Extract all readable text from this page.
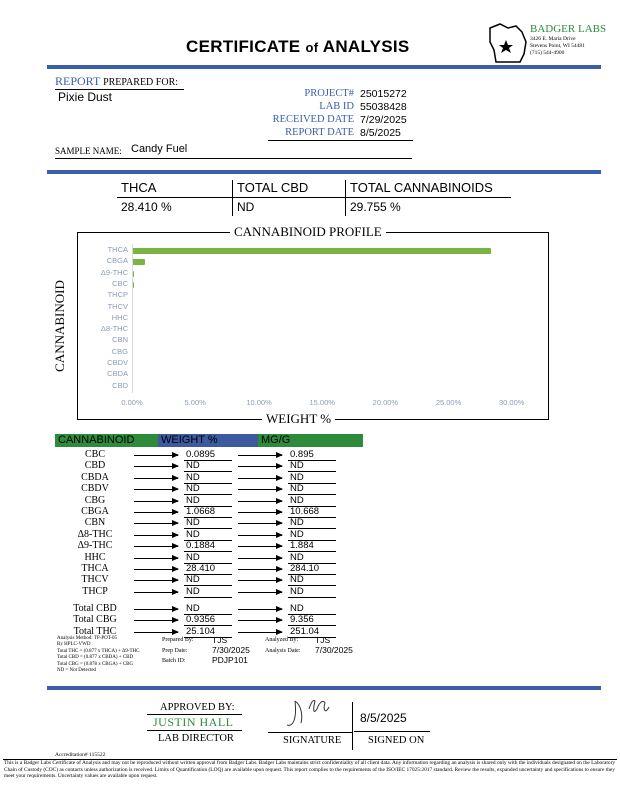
CERTIFICATE of ANALYSIS
BADGER LABS
3426 E. Maria Drive
Stevens Point, WI 54481
(715) 544-4900
REPORT PREPARED FOR:
Pixie Dust	PROJECT# 25015272
LAB ID 55038428
RECEIVED DATE 7/29/2025
REPORT DATE 8/5/2025
SAMPLE NAME: Candy Fuel
THCA	TOTAL CBD	TOTAL CANNABINOIDS
28.410 %	ND	29.755 %
CANNABINOID PROFILE
WEIGHT %
CANNABINOID
THCA
CBGA
Δ9-THC
CBC
THCP
THCV
HHC
Δ8-THC
CBN
CBG
CBDV
CBDA
CBD
0.00%	5.00%	10.00%	15.00%	20.00%	25.00%	30.00%
CANNABINOID	WEIGHT %	MG/G
CBC	0.0895	0.895
CBD	ND	ND
CBDA	ND	ND
CBDV	ND	ND
CBG	ND	ND
CBGA	1.0668	10.668
CBN	ND	ND
Δ8-THC	ND	ND
Δ9-THC	0.1884	1.884
HHC	ND	ND
THCA	28.410	284.10
THCV	ND	ND
THCP	ND	ND
Total CBD	ND	ND
Total CBG	0.9356	9.356
Total THC	25.104	251.04
Analysis Method: TP-POT-05
By HPLC-VWD
Total THC = (0.877 x THCA) + Δ9-THC
Total CBD = (0.877 x CBDA) + CBD
Total CBG = (0.878 x CBGA) + CBG
ND = Not Detected
Prepared By: TJS
Prep Date:	7/30/2025
Batch ID:	PDJP101
Analyzed By: TJS
Analysis Date: 7/30/2025
APPROVED BY:
JUSTIN HALL
LAB DIRECTOR	SIGNATURE
8/5/2025
SIGNED ON
Accreditation# 115522
This is a Badger Labs Certificate of Analysis and may not be reproduced without written approval from Badger Labs. Badger Labs maintains strict confidentiality of all client data. Any information regarding an analysis is shared only with the individuals designated on the Laboratory Chain of Custody (COC) as contacts unless authorization is received. Limits of Quantification (LOQ) are available upon request. This report complies to the requirements of the ISO/IEC 17025:2017 standard. Review the results, expanded uncertainty and specifications to ensure they meet your requirements. Uncertainty values are available upon request.
